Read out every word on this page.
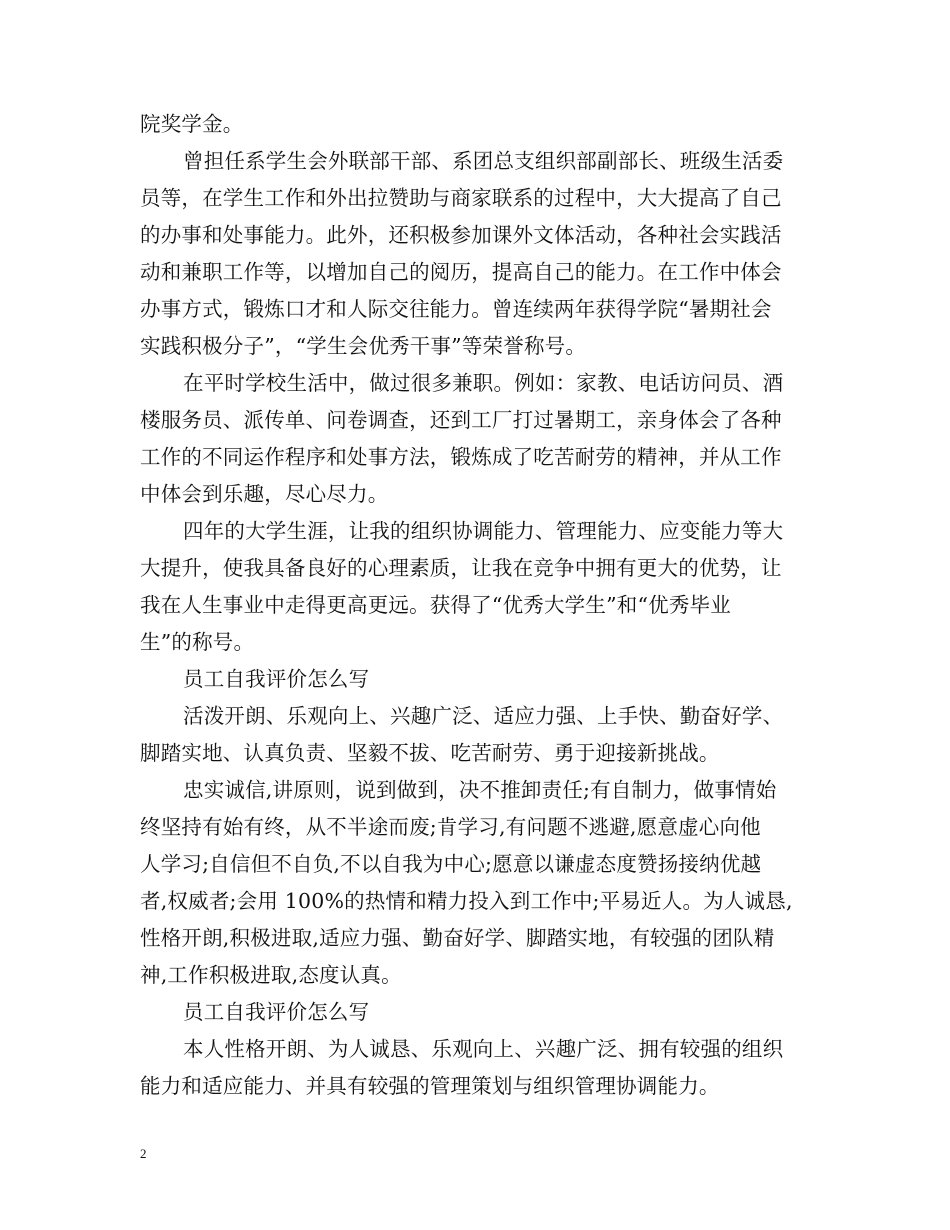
院奖学金。
曾担任系学生会外联部干部、系团总支组织部副部长、班级生活委
员等，在学生工作和外出拉赞助与商家联系的过程中，大大提高了自己
的办事和处事能力。此外，还积极参加课外文体活动，各种社会实践活
动和兼职工作等，以增加自己的阅历，提高自己的能力。在工作中体会
办事方式，锻炼口才和人际交往能力。曾连续两年获得学院“暑期社会
实践积极分子”，“学生会优秀干事”等荣誉称号。
在平时学校生活中，做过很多兼职。例如：家教、电话访问员、酒
楼服务员、派传单、问卷调查，还到工厂打过暑期工，亲身体会了各种
工作的不同运作程序和处事方法，锻炼成了吃苦耐劳的精神，并从工作
中体会到乐趣，尽心尽力。
四年的大学生涯，让我的组织协调能力、管理能力、应变能力等大
大提升，使我具备良好的心理素质，让我在竞争中拥有更大的优势，让
我在人生事业中走得更高更远。获得了“优秀大学生”和“优秀毕业
生”的称号。
员工自我评价怎么写
活泼开朗、乐观向上、兴趣广泛、适应力强、上手快、勤奋好学、
脚踏实地、认真负责、坚毅不拔、吃苦耐劳、勇于迎接新挑战。
忠实诚信,讲原则，说到做到，决不推卸责任;有自制力，做事情始
终坚持有始有终，从不半途而废;肯学习,有问题不逃避,愿意虚心向他
人学习;自信但不自负,不以自我为中心;愿意以谦虚态度赞扬接纳优越
者,权威者;会用 100%的热情和精力投入到工作中;平易近人。为人诚恳,
性格开朗,积极进取,适应力强、勤奋好学、脚踏实地，有较强的团队精
神,工作积极进取,态度认真。
员工自我评价怎么写
本人性格开朗、为人诚恳、乐观向上、兴趣广泛、拥有较强的组织
能力和适应能力、并具有较强的管理策划与组织管理协调能力。
2
